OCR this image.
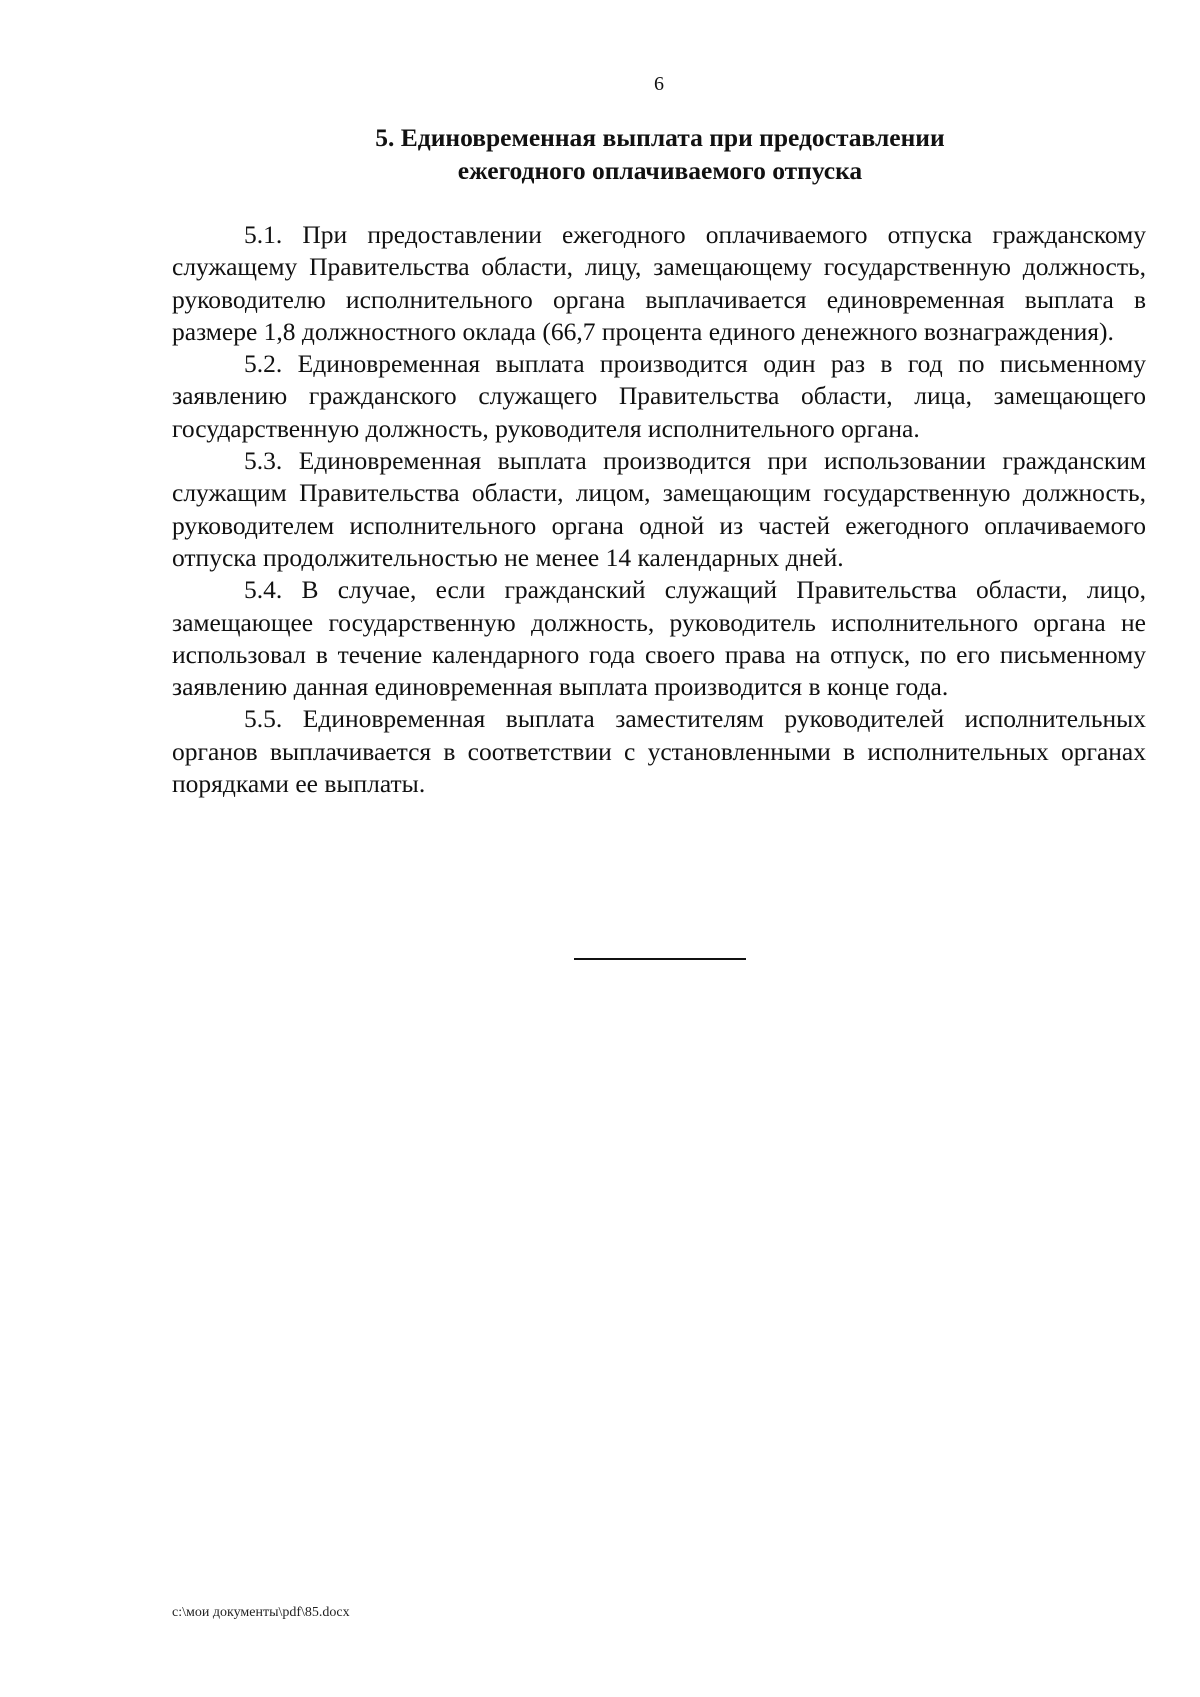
6
5. Единовременная выплата при предоставлении
ежегодного оплачиваемого отпуска

5.1. При предоставлении ежегодного оплачиваемого отпуска гражданскому служащему Правительства области, лицу, замещающему государственную должность, руководителю исполнительного органа выплачивается единовременная выплата в размере 1,8 должностного оклада (66,7 процента единого денежного вознаграждения).

5.2. Единовременная выплата производится один раз в год по письменному заявлению гражданского служащего Правительства области, лица, замещающего государственную должность, руководителя исполнительного органа.

5.3. Единовременная выплата производится при использовании гражданским служащим Правительства области, лицом, замещающим государственную должность, руководителем исполнительного органа одной из частей ежегодного оплачиваемого отпуска продолжительностью не менее 14 календарных дней.

5.4. В случае, если гражданский служащий Правительства области, лицо, замещающее государственную должность, руководитель исполнительного органа не использовал в течение календарного года своего права на отпуск, по его письменному заявлению данная единовременная выплата производится в конце года.

5.5. Единовременная выплата заместителям руководителей исполнительных органов выплачивается в соответствии с установленными в исполнительных органах порядками ее выплаты.

c:\мои документы\pdf\85.docx
